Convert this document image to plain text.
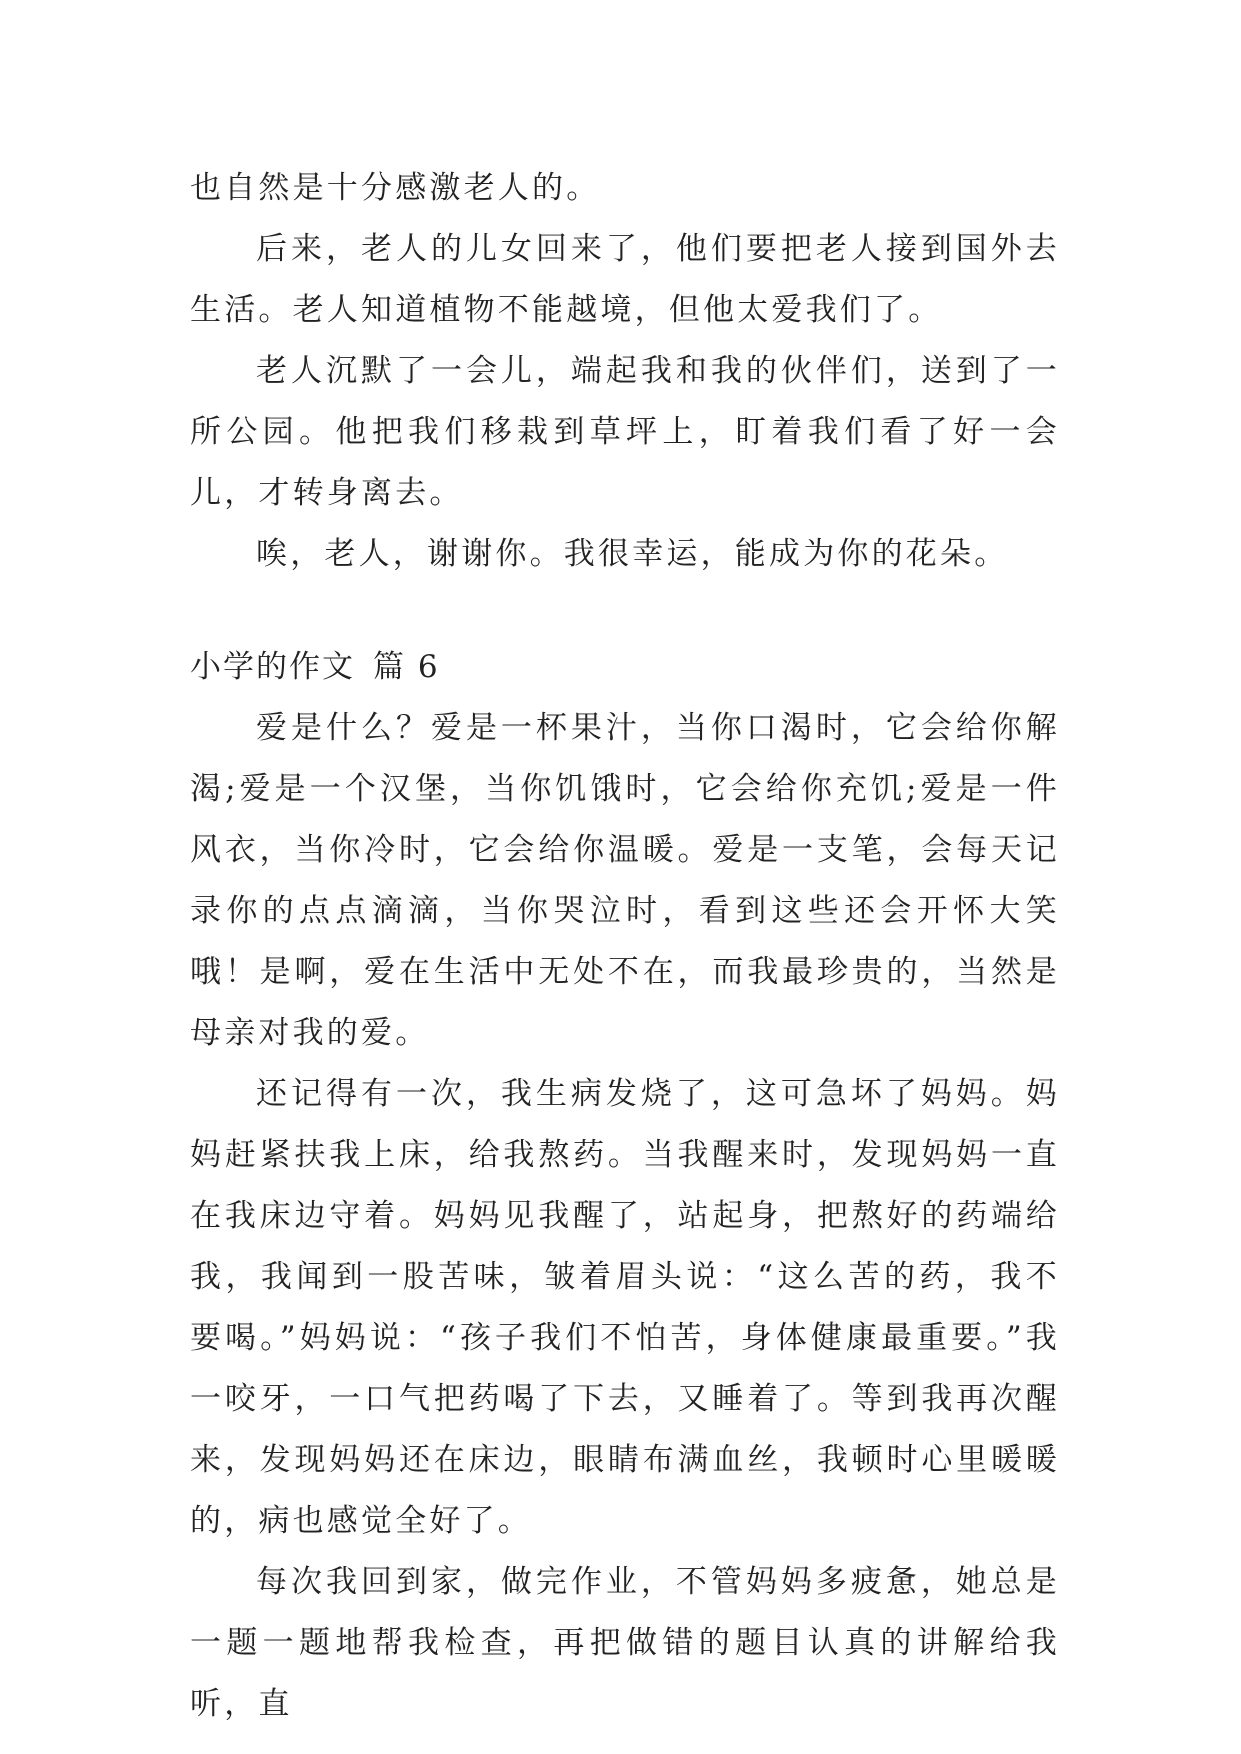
也自然是十分感激老人的。

后来，老人的儿女回来了，他们要把老人接到国外去生活。老人知道植物不能越境，但他太爱我们了。

老人沉默了一会儿，端起我和我的伙伴们，送到了一所公园。他把我们移栽到草坪上，盯着我们看了好一会儿，才转身离去。

唉，老人，谢谢你。我很幸运，能成为你的花朵。

小学的作文 篇 6

爱是什么？爱是一杯果汁，当你口渴时，它会给你解渴;爱是一个汉堡，当你饥饿时，它会给你充饥;爱是一件风衣，当你冷时，它会给你温暖。爱是一支笔，会每天记录你的点点滴滴，当你哭泣时，看到这些还会开怀大笑哦！是啊，爱在生活中无处不在，而我最珍贵的，当然是母亲对我的爱。

还记得有一次，我生病发烧了，这可急坏了妈妈。妈妈赶紧扶我上床，给我熬药。当我醒来时，发现妈妈一直在我床边守着。妈妈见我醒了，站起身，把熬好的药端给我，我闻到一股苦味，皱着眉头说：“这么苦的药，我不要喝。”妈妈说：“孩子我们不怕苦，身体健康最重要。”我一咬牙，一口气把药喝了下去，又睡着了。等到我再次醒来，发现妈妈还在床边，眼睛布满血丝，我顿时心里暖暖的，病也感觉全好了。

每次我回到家，做完作业，不管妈妈多疲惫，她总是一题一题地帮我检查，再把做错的题目认真的讲解给我听，直
